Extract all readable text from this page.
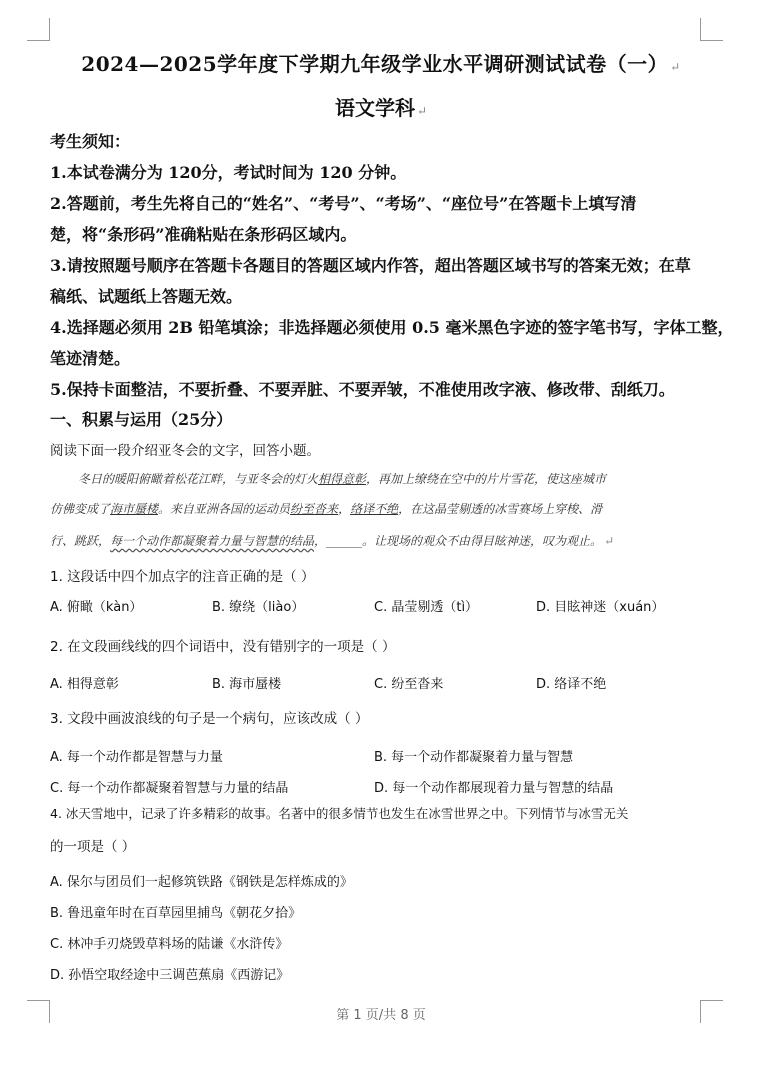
2024—2025学年度下学期九年级学业水平调研测试试卷（一） ↵
语文学科 ↵
考生须知：
1.本试卷满分为 120分，考试时间为 120 分钟。
2.答题前，考生先将自己的“姓名”、“考号”、“考场”、“座位号”在答题卡上填写清
楚，将“条形码”准确粘贴在条形码区域内。
3.请按照题号顺序在答题卡各题目的答题区域内作答，超出答题区域书写的答案无效；在草
稿纸、试题纸上答题无效。
4.选择题必须用 2B 铅笔填涂；非选择题必须使用 0.5 毫米黑色字迹的签字笔书写，字体工整，
笔迹清楚。
5.保持卡面整洁，不要折叠、不要弄脏、不要弄皱，不准使用改字液、修改带、刮纸刀。
一、积累与运用（25分）
阅读下面一段介绍亚冬会的文字，回答小题。
冬日的暖阳俯瞰着松花江畔，与亚冬会的灯火相得意彰，再加上缭绕在空中的片片雪花，使这座城市
仿佛变成了海市蜃楼。来自亚洲各国的运动员纷至沓来，络译不绝，在这晶莹剔透的冰雪赛场上穿梭、滑
行、跳跃，每一个动作都凝聚着力量与智慧的结晶，______。让现场的观众不由得目眩神迷，叹为观止。 ↵
1. 这段话中四个加点字的注音正确的是（ ）
A. 俯瞰（kàn）	B. 缭绕（liào）	C. 晶莹剔透（tì）	D. 目眩神迷（xuán）
2. 在文段画线线的四个词语中，没有错别字的一项是（ ）
A. 相得意彰	B. 海市蜃楼	C. 纷至沓来	D. 络译不绝
3. 文段中画波浪线的句子是一个病句，应该改成（ ）
A. 每一个动作都是智慧与力量	B. 每一个动作都凝聚着力量与智慧
C. 每一个动作都凝聚着智慧与力量的结晶	D. 每一个动作都展现着力量与智慧的结晶
4. 冰天雪地中，记录了许多精彩的故事。名著中的很多情节也发生在冰雪世界之中。下列情节与冰雪无关
的一项是（ ）
A. 保尔与团员们一起修筑铁路《钢铁是怎样炼成的》
B. 鲁迅童年时在百草园里捕鸟《朝花夕拾》
C. 林冲手刃烧毁草料场的陆谦《水浒传》
D. 孙悟空取经途中三调芭蕉扇《西游记》
第 1 页/共 8 页
